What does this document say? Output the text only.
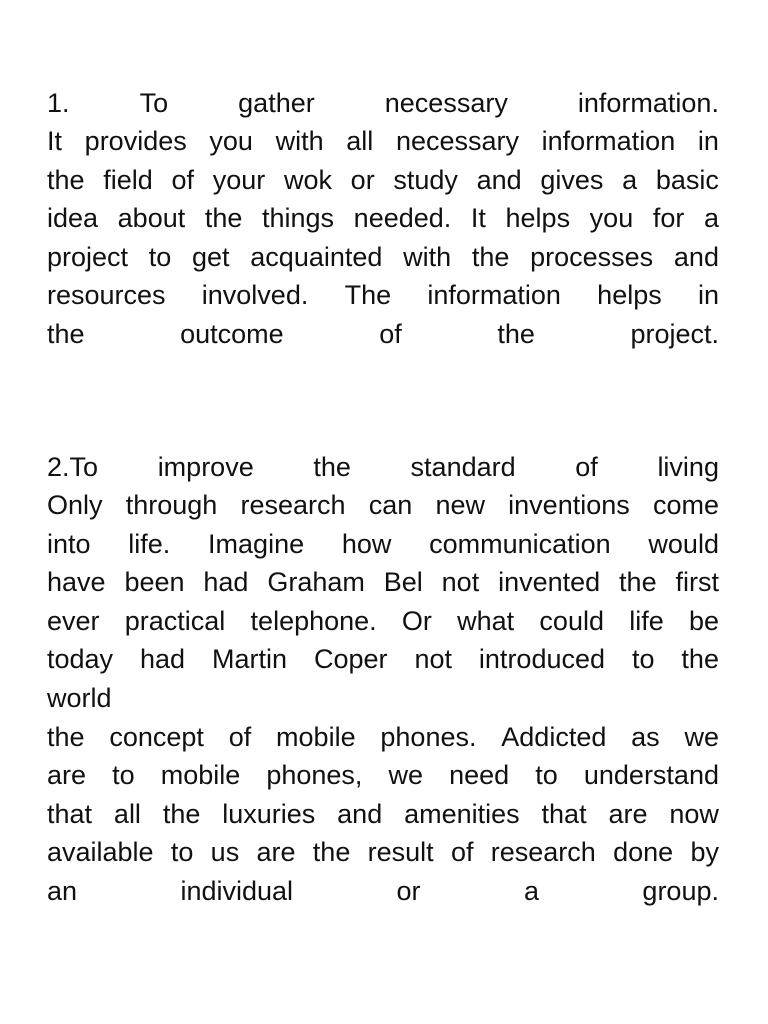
1.	To	gather	necessary	information.
It provides you with all necessary information in
the field of your wok or study and gives a basic
idea about the things needed. It helps you for a
project to get acquainted with the processes and
resources involved. The information helps in
the	outcome	of	the	project.
2.To improve the standard of living
Only through research can new inventions come
into life. Imagine how communication would
have been had Graham Bel not invented the first
ever practical telephone. Or what could life be
today had Martin Coper not introduced to the
world
the concept of mobile phones. Addicted as we
are to mobile phones, we need to understand
that all the luxuries and amenities that are now
available to us are the result of research done by
an	individual	or	a	group.
